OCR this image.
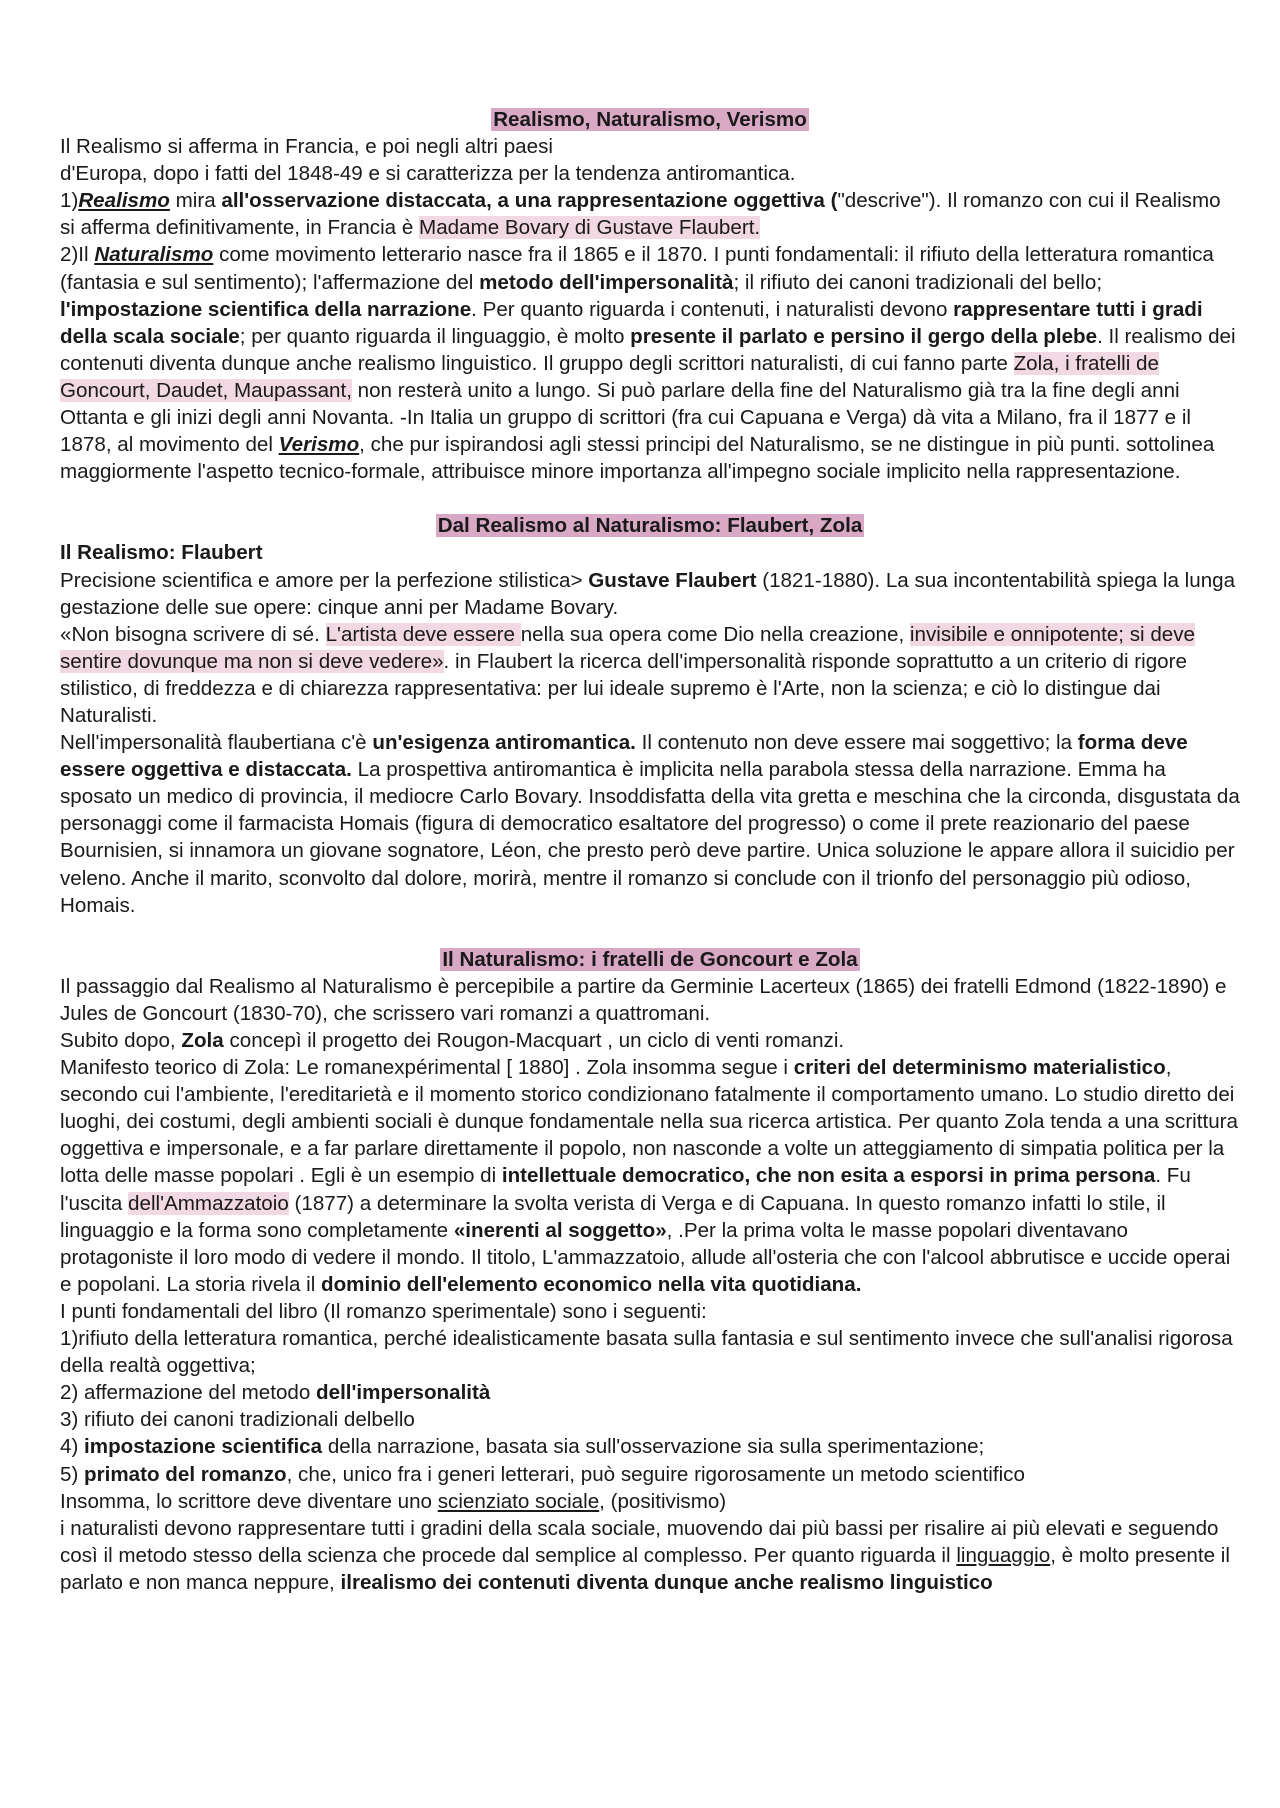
Realismo, Naturalismo, Verismo

Il Realismo si afferma in Francia, e poi negli altri paesi

d'Europa, dopo i fatti del 1848-49 e si caratterizza per la tendenza antiromantica.

1)Realismo mira all'osservazione distaccata, a una rappresentazione oggettiva ("descrive"). Il romanzo con cui il Realismo si afferma definitivamente, in Francia è Madame Bovary di Gustave Flaubert.

2)Il Naturalismo come movimento letterario nasce fra il 1865 e il 1870. I punti fondamentali: il rifiuto della letteratura romantica (fantasia e sul sentimento); l'affermazione del metodo dell'impersonalità; il rifiuto dei canoni tradizionali del bello; l'impostazione scientifica della narrazione. Per quanto riguarda i contenuti, i naturalisti devono rappresentare tutti i gradi della scala sociale; per quanto riguarda il linguaggio, è molto presente il parlato e persino il gergo della plebe. Il realismo dei contenuti diventa dunque anche realismo linguistico. Il gruppo degli scrittori naturalisti, di cui fanno parte Zola, i fratelli de Goncourt, Daudet, Maupassant, non resterà unito a lungo. Si può parlare della fine del Naturalismo già tra la fine degli anni Ottanta e gli inizi degli anni Novanta. -In Italia un gruppo di scrittori (fra cui Capuana e Verga) dà vita a Milano, fra il 1877 e il 1878, al movimento del Verismo, che pur ispirandosi agli stessi principi del Naturalismo, se ne distingue in più punti. sottolinea maggiormente l'aspetto tecnico-formale, attribuisce minore importanza all'impegno sociale implicito nella rappresentazione.

Dal Realismo al Naturalismo: Flaubert, Zola

Il Realismo: Flaubert

Precisione scientifica e amore per la perfezione stilistica> Gustave Flaubert (1821-1880). La sua incontentabilità spiega la lunga gestazione delle sue opere: cinque anni per Madame Bovary.

«Non bisogna scrivere di sé. L'artista deve essere nella sua opera come Dio nella creazione, invisibile e onnipotente; si deve sentire dovunque ma non si deve vedere». in Flaubert la ricerca dell'impersonalità risponde soprattutto a un criterio di rigore stilistico, di freddezza e di chiarezza rappresentativa: per lui ideale supremo è l'Arte, non la scienza; e ciò lo distingue dai Naturalisti.

Nell'impersonalità flaubertiana c'è un'esigenza antiromantica. Il contenuto non deve essere mai soggettivo; la forma deve essere oggettiva e distaccata. La prospettiva antiromantica è implicita nella parabola stessa della narrazione. Emma ha sposato un medico di provincia, il mediocre Carlo Bovary. Insoddisfatta della vita gretta e meschina che la circonda, disgustata da personaggi come il farmacista Homais (figura di democratico esaltatore del progresso) o come il prete reazionario del paese Bournisien, si innamora un giovane sognatore, Léon, che presto però deve partire. Unica soluzione le appare allora il suicidio per veleno. Anche il marito, sconvolto dal dolore, morirà, mentre il romanzo si conclude con il trionfo del personaggio più odioso, Homais.

Il Naturalismo: i fratelli de Goncourt e Zola

Il passaggio dal Realismo al Naturalismo è percepibile a partire da Germinie Lacerteux (1865) dei fratelli Edmond (1822-1890) e Jules de Goncourt (1830-70), che scrissero vari romanzi a quattromani.

Subito dopo, Zola concepì il progetto dei Rougon-Macquart , un ciclo di venti romanzi.

Manifesto teorico di Zola: Le romanexpérimental [ 1880] . Zola insomma segue i criteri del determinismo materialistico, secondo cui l'ambiente, l'ereditarietà e il momento storico condizionano fatalmente il comportamento umano. Lo studio diretto dei luoghi, dei costumi, degli ambienti sociali è dunque fondamentale nella sua ricerca artistica. Per quanto Zola tenda a una scrittura oggettiva e impersonale, e a far parlare direttamente il popolo, non nasconde a volte un atteggiamento di simpatia politica per la lotta delle masse popolari . Egli è un esempio di intellettuale democratico, che non esita a esporsi in prima persona. Fu l'uscita dell'Ammazzatoio (1877) a determinare la svolta verista di Verga e di Capuana. In questo romanzo infatti lo stile, il linguaggio e la forma sono completamente «inerenti al soggetto», .Per la prima volta le masse popolari diventavano protagoniste il loro modo di vedere il mondo. Il titolo, L'ammazzatoio, allude all'osteria che con l'alcool abbrutisce e uccide operai e popolani. La storia rivela il dominio dell'elemento economico nella vita quotidiana.

I punti fondamentali del libro (Il romanzo sperimentale) sono i seguenti:

1)rifiuto della letteratura romantica, perché idealisticamente basata sulla fantasia e sul sentimento invece che sull'analisi rigorosa della realtà oggettiva;

2) affermazione del metodo dell'impersonalità

3) rifiuto dei canoni tradizionali delbello

4) impostazione scientifica della narrazione, basata sia sull'osservazione sia sulla sperimentazione;

5) primato del romanzo, che, unico fra i generi letterari, può seguire rigorosamente un metodo scientifico

Insomma, lo scrittore deve diventare uno scienziato sociale, (positivismo)

i naturalisti devono rappresentare tutti i gradini della scala sociale, muovendo dai più bassi per risalire ai più elevati e seguendo così il metodo stesso della scienza che procede dal semplice al complesso. Per quanto riguarda il linguaggio, è molto presente il parlato e non manca neppure, ilrealismo dei contenuti diventa dunque anche realismo linguistico
